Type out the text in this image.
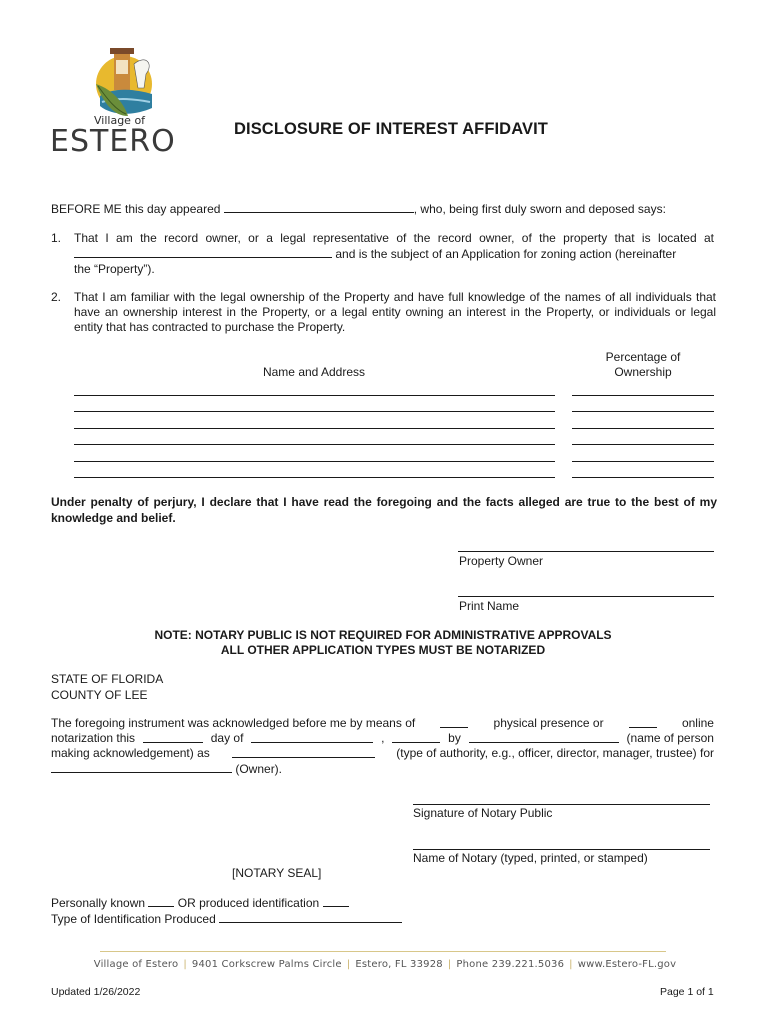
Village of
ESTERO	DISCLOSURE OF INTEREST AFFIDAVIT
BEFORE ME this day appeared	, who, being first duly sworn and deposed says:
1. That I am the record owner, or a legal representative of the record owner, of the property that is located at
and is the subject of an Application for zoning action (hereinafter
the “Property”).
2. That I am familiar with the legal ownership of the Property and have full knowledge of the names of all individuals that have an ownership interest in the Property, or a legal entity owning an interest in the Property, or individuals or legal entity that has contracted to purchase the Property.
Name and Address
Percentage of
Ownership
Under penalty of perjury, I declare that I have read the foregoing and the facts alleged are true to the best of my knowledge and belief.
Property Owner
Print Name
NOTE: NOTARY PUBLIC IS NOT REQUIRED FOR ADMINISTRATIVE APPROVALS
ALL OTHER APPLICATION TYPES MUST BE NOTARIZED
STATE OF FLORIDA
COUNTY OF LEE
The foregoing instrument was acknowledged before me by means of	physical presence or	online
notarization this	day of	,	by	(name of person
making acknowledgement) as	(type of authority, e.g., officer, director, manager, trustee) for
(Owner).
Signature of Notary Public
Name of Notary (typed, printed, or stamped)
[NOTARY SEAL]
Personally known	OR produced identification
Type of Identification Produced
Village of Estero | 9401 Corkscrew Palms Circle | Estero, FL 33928 | Phone 239.221.5036 | www.Estero-FL.gov
Updated 1/26/2022	Page 1 of 1
